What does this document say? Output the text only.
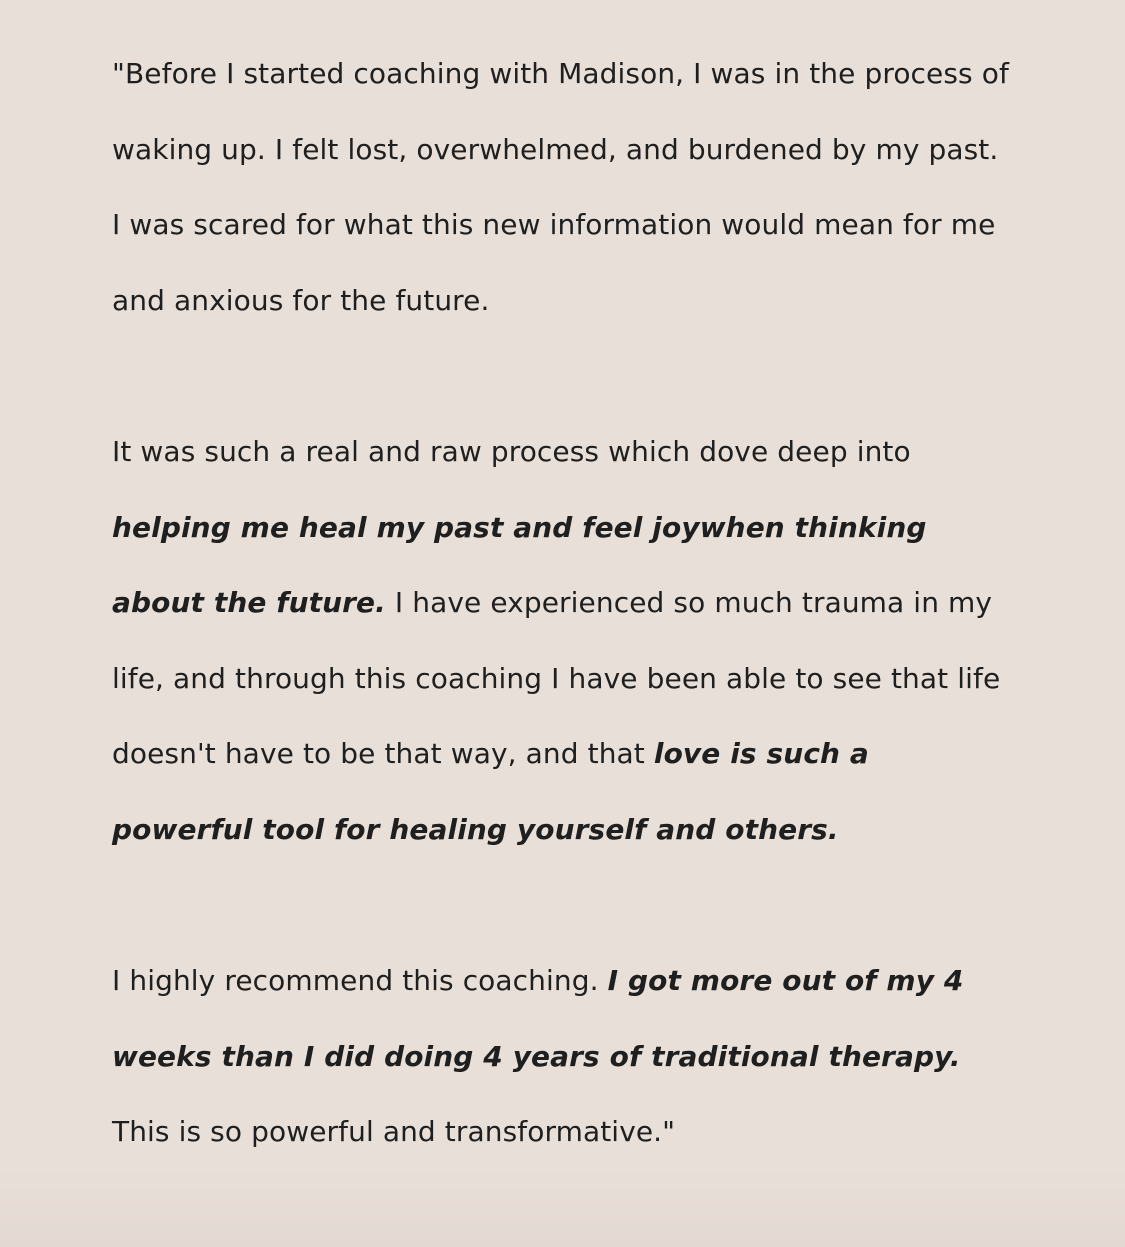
"Before I started coaching with Madison, I was in the process of waking up. I felt lost, overwhelmed, and burdened by my past. I was scared for what this new information would mean for me and anxious for the future.

It was such a real and raw process which dove deep into helping me heal my past and feel joywhen thinking about the future. I have experienced so much trauma in my life, and through this coaching I have been able to see that life doesn't have to be that way, and that love is such a powerful tool for healing yourself and others.

I highly recommend this coaching. I got more out of my 4 weeks than I did doing 4 years of traditional therapy. This is so powerful and transformative."
